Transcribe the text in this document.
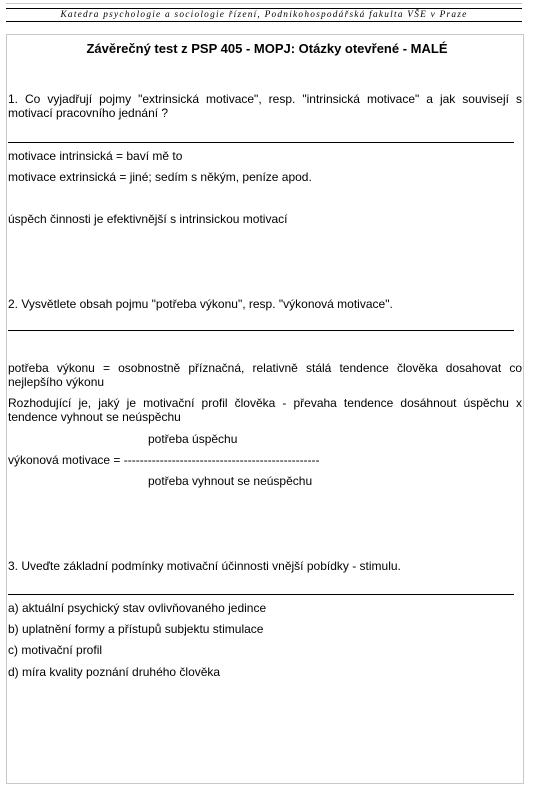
Katedra psychologie a sociologie řízení, Podnikohospodářská fakulta VŠE v Praze
Závěrečný test z PSP 405 - MOPJ: Otázky otevřené - MALÉ
1. Co vyjadřují pojmy "extrinsická motivace", resp. "intrinsická motivace" a jak souvisejí s motivací pracovního jednání ?
motivace intrinsická = baví mě to
motivace extrinsická = jiné; sedím s někým, peníze apod.
úspěch činnosti je efektivnější s intrinsickou motivací
2. Vysvětlete obsah pojmu "potřeba výkonu", resp. "výkonová motivace".
potřeba výkonu = osobnostně příznačná, relativně stálá tendence člověka dosahovat co nejlepšího výkonu
Rozhodující je, jaký je motivační profil člověka - převaha tendence dosáhnout úspěchu x tendence vyhnout se neúspěchu
potřeba úspěchu
výkonová motivace = -------------------------------------------------
potřeba vyhnout se neúspěchu
3. Uveďte základní podmínky motivační účinnosti vnější pobídky - stimulu.
a) aktuální psychický stav ovlivňovaného jedince
b) uplatnění formy a přístupů subjektu stimulace
c) motivační profil
d) míra kvality poznání druhého člověka
